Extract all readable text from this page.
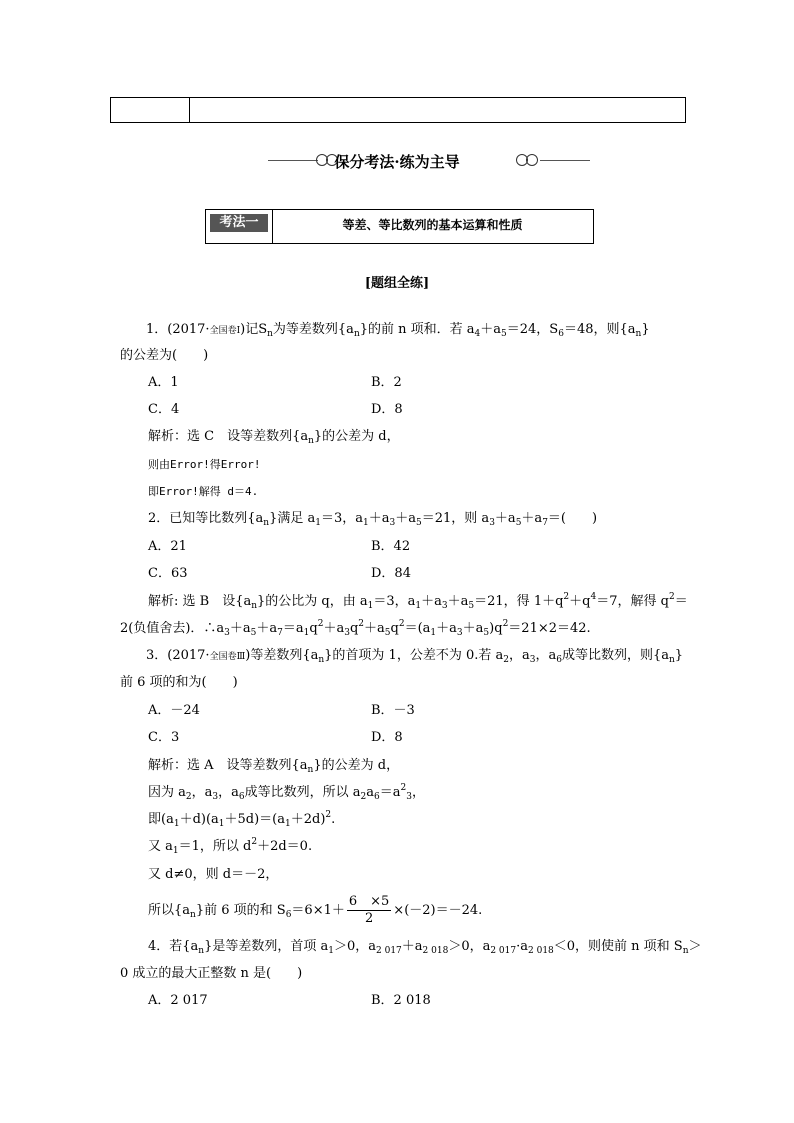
保分考法·练为主导
考法一	等差、等比数列的基本运算和性质
[题组全练]
1．(2017·全国卷Ⅰ)记$S_n$为等差数列$\{a_n\}$的前 n 项和．若 $a_4+a_5=24$，$S_6=48$，则$\{a_n\}$
的公差为(　　)
A．1	B．2
C．4	D．8
解析：选 C　设等差数列$\{a_n\}$的公差为 d，
则由Error!得Error!
即Error!解得 d＝4.
2．已知等比数列$\{a_n\}$满足 $a_1=3$，$a_1+a_3+a_5=21$，则 $a_3+a_5+a_7=$(　　)
A．21	B．42
C．63	D．84
解析: 选 B　设$\{a_n\}$的公比为 q，由 $a_1=3$，$a_1+a_3+a_5=21$，得 $1+q^2+q^4=7$，解得 $q^2=$
2(负值舍去)．$\therefore a_3+a_5+a_7=a_1q^2+a_3q^2+a_5q^2=(a_1+a_3+a_5)q^2=21\times 2=42$.
3．(2017·全国卷Ⅲ)等差数列$\{a_n\}$的首项为 1，公差不为 0.若 $a_2$，$a_3$，$a_6$成等比数列，则$\{a_n\}$
前 6 项的和为(　　)
A．－24	B．－3
C．3	D．8
解析：选 A　设等差数列$\{a_n\}$的公差为 d，
因为 $a_2$，$a_3$，$a_6$成等比数列，所以 $a_2a_6=a^2_3$，
即$(a_1+d)(a_1+5d)=(a_1+2d)^2$.
又 $a_1=1$，所以 $d^2+2d=0$.
又 d≠0，则 d＝－2，
所以$\{a_n\}$前 6 项的和 $S_6=6\times 1+ \frac{6 \times 5}{2} \times(-2)=-24$.
4．若$\{a_n\}$是等差数列，首项 $a_1>0$，$a_{2 017}+a_{2 018}>0$，$a_{2 017}\cdot a_{2 018}<0$，则使前 n 项和 $S_n>$
0 成立的最大正整数 n 是(　　)
A．2 017	B．2 018
